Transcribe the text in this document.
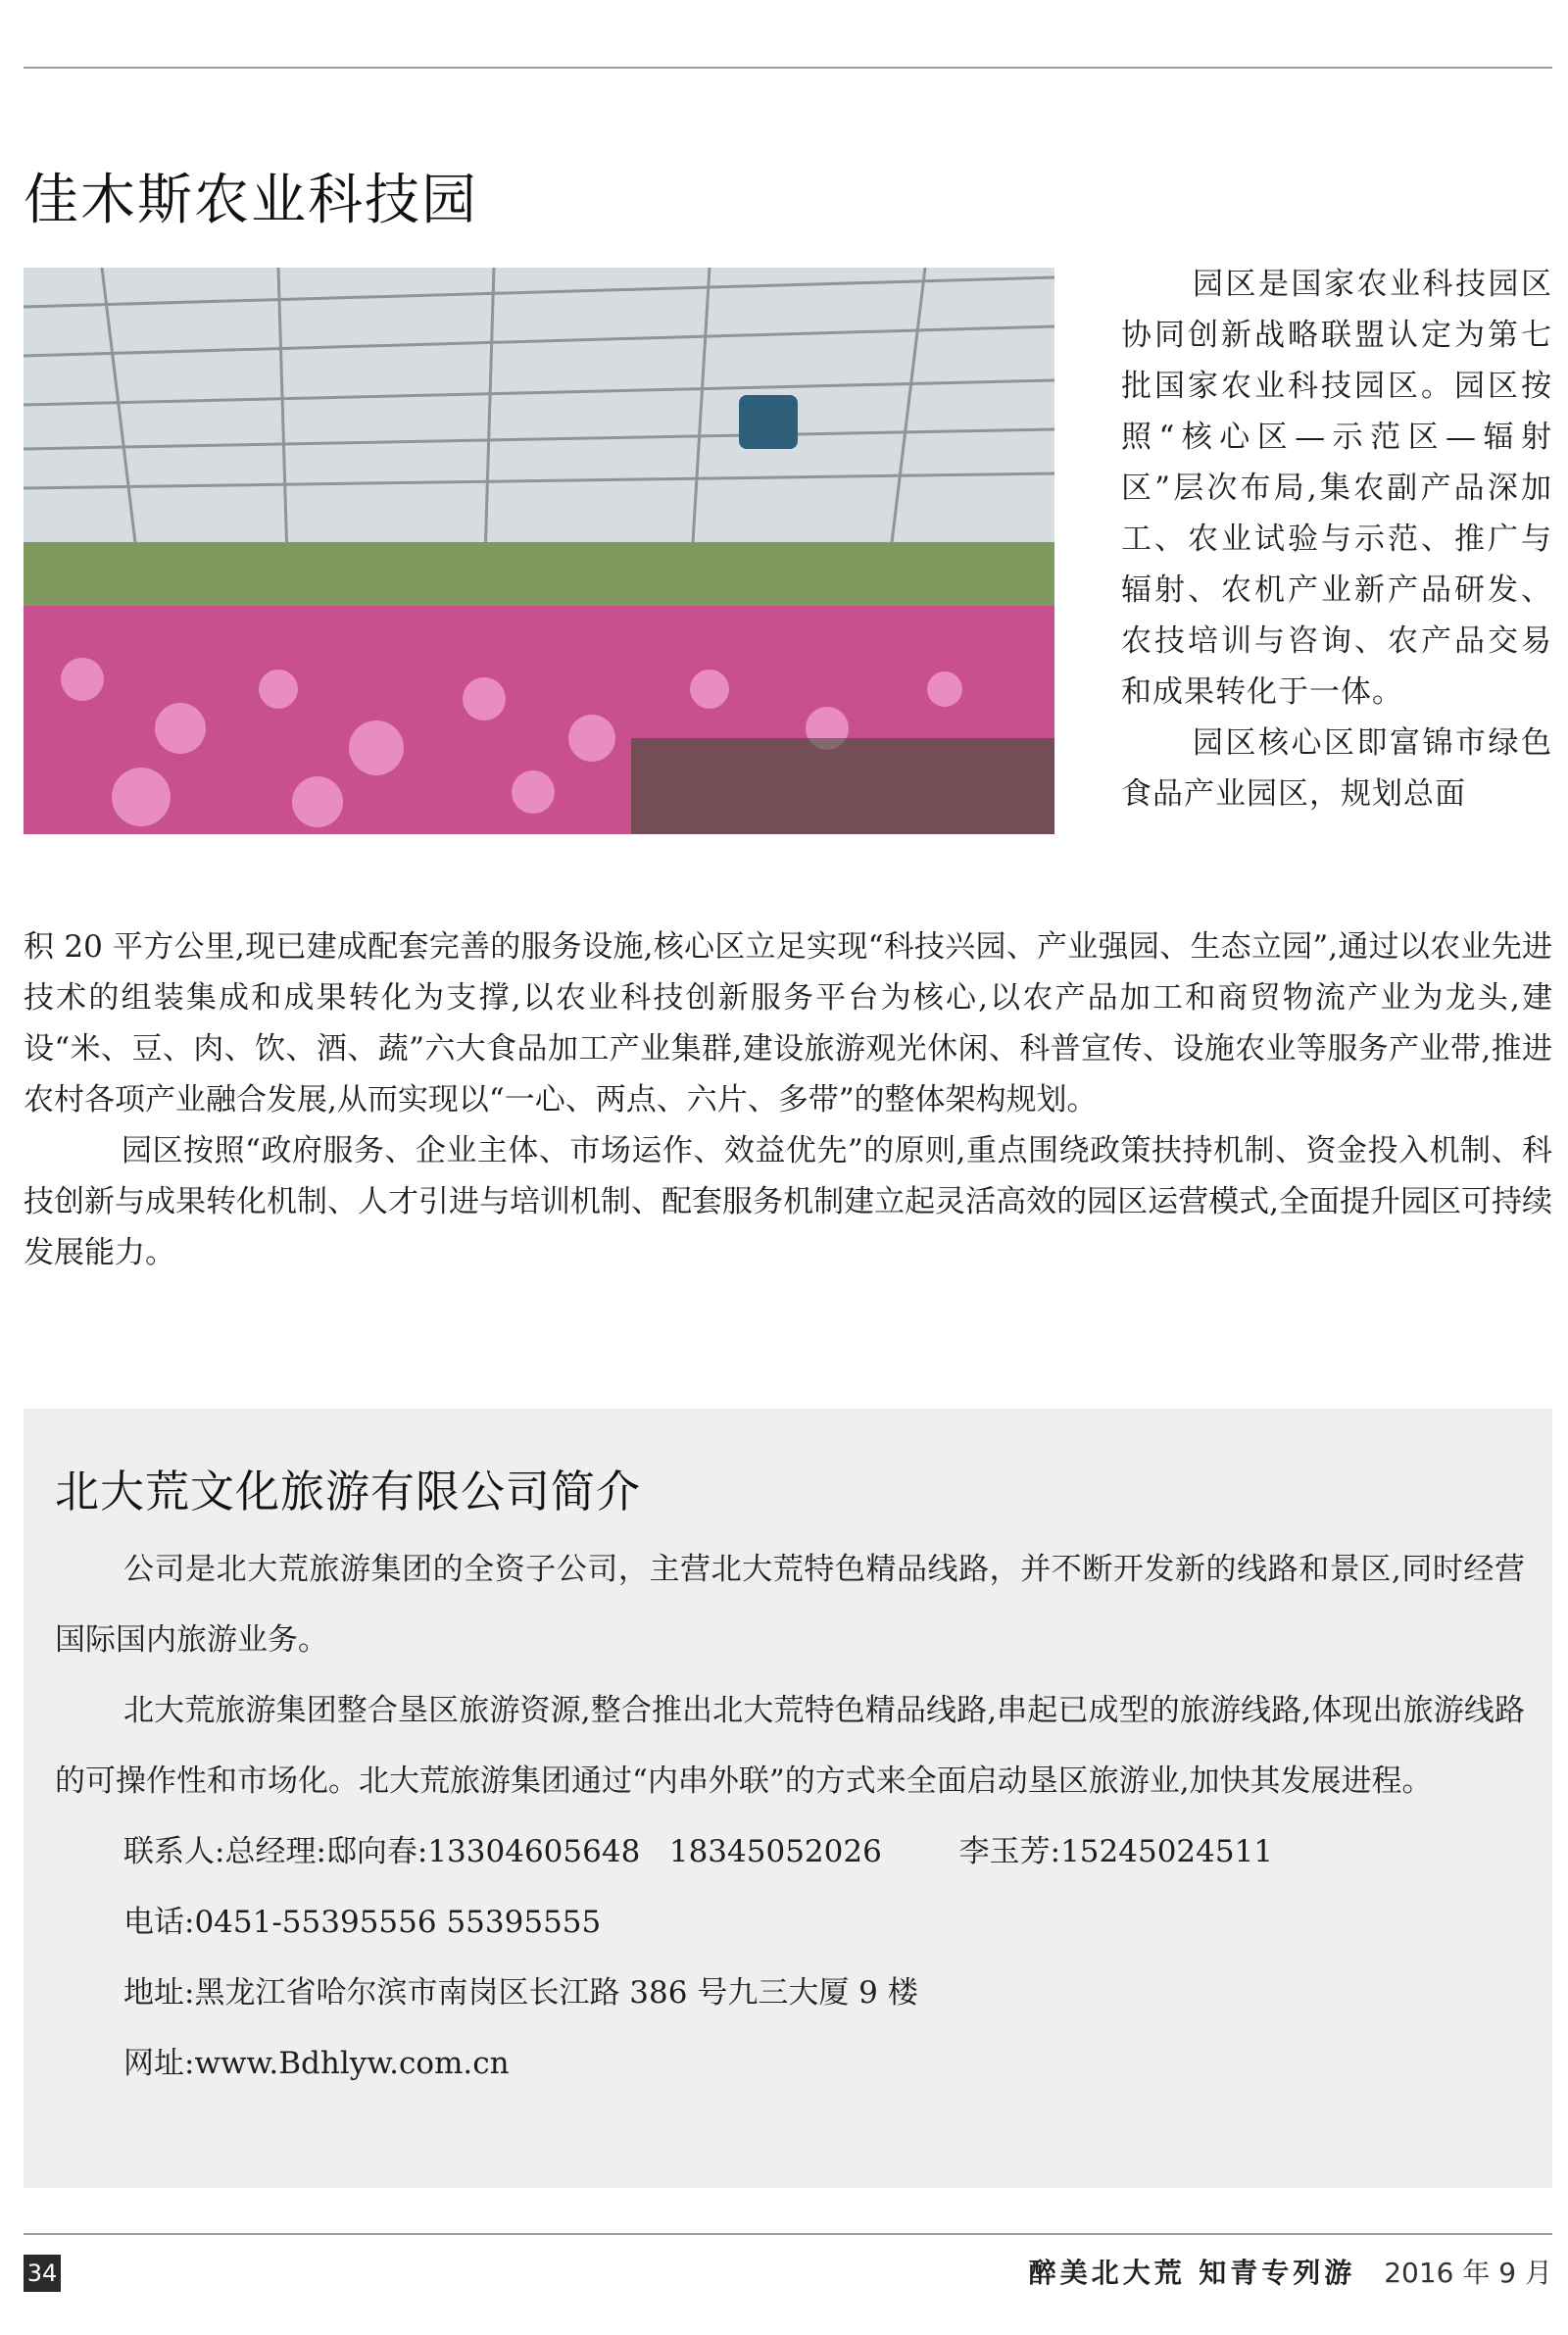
佳木斯农业科技园

园区是国家农业科技园区协同创新战略联盟认定为第七批国家农业科技园区。园区按照“核心区—示范区—辐射区”层次布局,集农副产品深加工、农业试验与示范、推广与辐射、农机产业新产品研发、农技培训与咨询、农产品交易和成果转化于一体。

园区核心区即富锦市绿色食品产业园区，规划总面

积 20 平方公里,现已建成配套完善的服务设施,核心区立足实现“科技兴园、产业强园、生态立园”,通过以农业先进技术的组装集成和成果转化为支撑,以农业科技创新服务平台为核心,以农产品加工和商贸物流产业为龙头,建设“米、豆、肉、饮、酒、蔬”六大食品加工产业集群,建设旅游观光休闲、科普宣传、设施农业等服务产业带,推进农村各项产业融合发展,从而实现以“一心、两点、六片、多带”的整体架构规划。

园区按照“政府服务、企业主体、市场运作、效益优先”的原则,重点围绕政策扶持机制、资金投入机制、科技创新与成果转化机制、人才引进与培训机制、配套服务机制建立起灵活高效的园区运营模式,全面提升园区可持续发展能力。

北大荒文化旅游有限公司简介

公司是北大荒旅游集团的全资子公司，主营北大荒特色精品线路，并不断开发新的线路和景区,同时经营国际国内旅游业务。

北大荒旅游集团整合垦区旅游资源,整合推出北大荒特色精品线路,串起已成型的旅游线路,体现出旅游线路的可操作性和市场化。北大荒旅游集团通过“内串外联”的方式来全面启动垦区旅游业,加快其发展进程。

联系人:总经理:邸向春:13304605648   18345052026        李玉芳:15245024511

电话:0451-55395556 55395555

地址:黑龙江省哈尔滨市南岗区长江路 386 号九三大厦 9 楼

网址:www.Bdhlyw.com.cn

34	醉美北大荒 知青专列游 2016 年 9 月
